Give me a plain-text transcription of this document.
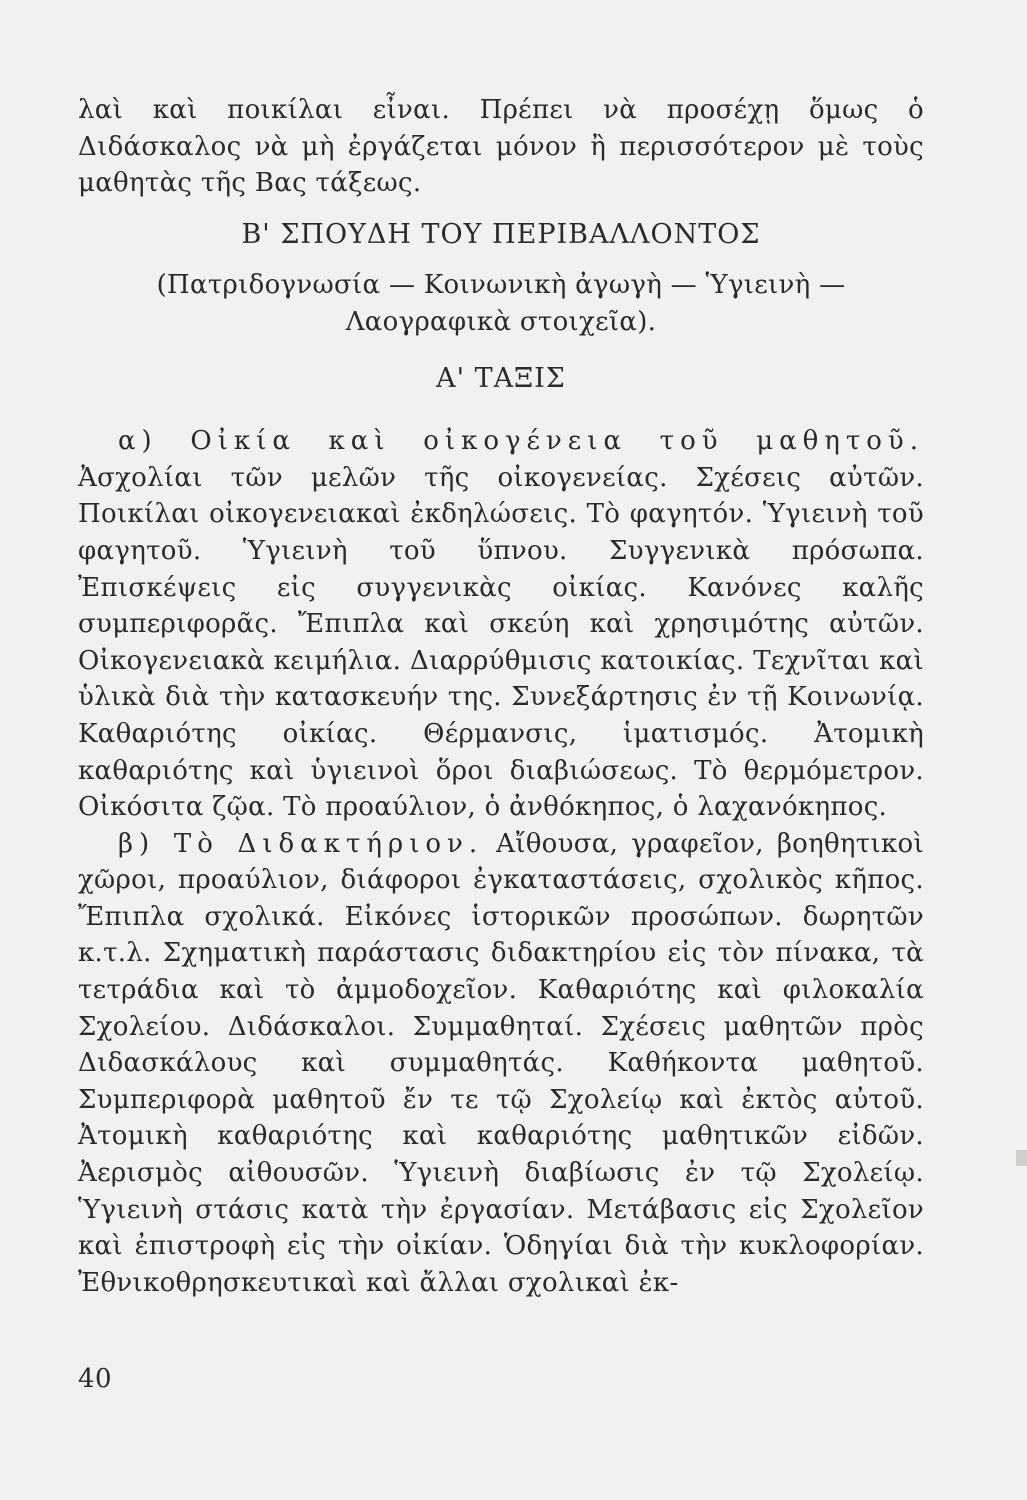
λαὶ καὶ ποικίλαι εἶναι. Πρέπει νὰ προσέχῃ ὅμως ὁ Διδάσκαλος νὰ μὴ ἐργάζεται μόνον ἢ περισσότερον μὲ τοὺς μαθητὰς τῆς Βας τάξεως.

Β' ΣΠΟΥΔΗ ΤΟΥ ΠΕΡΙΒΑΛΛΟΝΤΟΣ

(Πατριδογνωσία — Κοινωνικὴ ἀγωγὴ — Ὑγιεινὴ — Λαογραφικὰ στοιχεῖα).

Α' ΤΑΞΙΣ

α) Οἰκία καὶ οἰκογένεια τοῦ μαθητοῦ. Ἀσχολίαι τῶν μελῶν τῆς οἰκογενείας. Σχέσεις αὐτῶν. Ποικίλαι οἰκογενειακαὶ ἐκδηλώσεις. Τὸ φαγητόν. Ὑγιεινὴ τοῦ φαγητοῦ. Ὑγιεινὴ τοῦ ὕπνου. Συγγενικὰ πρόσωπα. Ἐπισκέψεις εἰς συγγενικὰς οἰκίας. Κανόνες καλῆς συμπεριφορᾶς. Ἔπιπλα καὶ σκεύη καὶ χρησιμότης αὐτῶν. Οἰκογενειακὰ κειμήλια. Διαρρύθμισις κατοικίας. Τεχνῖται καὶ ὑλικὰ διὰ τὴν κατασκευήν της. Συνεξάρτησις ἐν τῇ Κοινωνίᾳ. Καθαριότης οἰκίας. Θέρμανσις, ἱματισμός. Ἀτομικὴ καθαριότης καὶ ὑγιεινοὶ ὅροι διαβιώσεως. Τὸ θερμόμετρον. Οἰκόσιτα ζῷα. Τὸ προαύλιον, ὁ ἀνθόκηπος, ὁ λαχανόκηπος.

β) Τὸ Διδακτήριον. Αἴθουσα, γραφεῖον, βοηθητικοὶ χῶροι, προαύλιον, διάφοροι ἐγκαταστάσεις, σχολικὸς κῆπος. Ἔπιπλα σχολικά. Εἰκόνες ἱστορικῶν προσώπων. δωρητῶν κ.τ.λ. Σχηματικὴ παράστασις διδακτηρίου εἰς τὸν πίνακα, τὰ τετράδια καὶ τὸ ἀμμοδοχεῖον. Καθαριότης καὶ φιλοκαλία Σχολείου. Διδάσκαλοι. Συμμαθηταί. Σχέσεις μαθητῶν πρὸς Διδασκάλους καὶ συμμαθητάς. Καθήκοντα μαθητοῦ. Συμπεριφορὰ μαθητοῦ ἔν τε τῷ Σχολείῳ καὶ ἐκτὸς αὐτοῦ. Ἀτομικὴ καθαριότης καὶ καθαριότης μαθητικῶν εἰδῶν. Ἀερισμὸς αἰθουσῶν. Ὑγιεινὴ διαβίωσις ἐν τῷ Σχολείῳ. Ὑγιεινὴ στάσις κατὰ τὴν ἐργασίαν. Μετάβασις εἰς Σχολεῖον καὶ ἐπιστροφὴ εἰς τὴν οἰκίαν. Ὁδηγίαι διὰ τὴν κυκλοφορίαν. Ἐθνικοθρησκευτικαὶ καὶ ἄλλαι σχολικαὶ ἐκ-

40
